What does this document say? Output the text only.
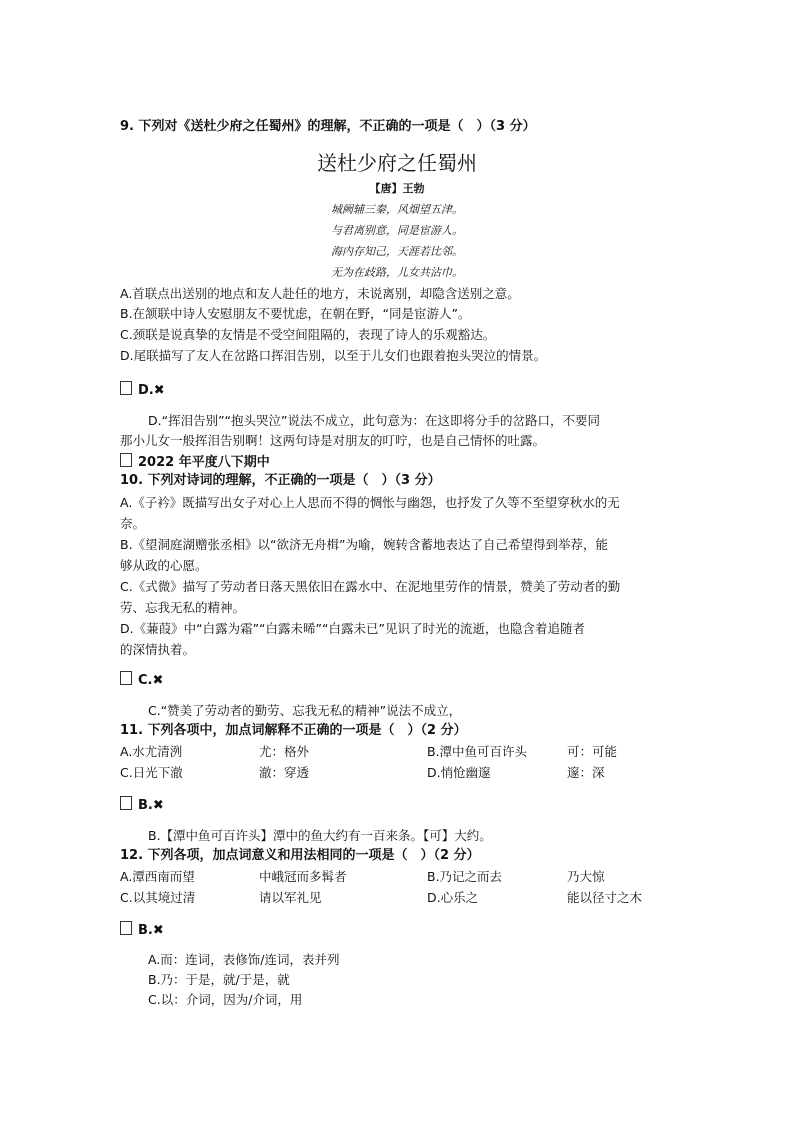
9. 下列对《送杜少府之任蜀州》的理解，不正确的一项是（　）（3 分）
送杜少府之任蜀州
【唐】王勃
城阙辅三秦，风烟望五津。
与君离别意，同是宦游人。
海内存知己，天涯若比邻。
无为在歧路，儿女共沾巾。
A.首联点出送别的地点和友人赴任的地方，未说离别，却隐含送别之意。
B.在颔联中诗人安慰朋友不要忧虑，在朝在野，“同是宦游人”。
C.颈联是说真挚的友情是不受空间阻隔的，表现了诗人的乐观豁达。
D.尾联描写了友人在岔路口挥泪告别，以至于儿女们也跟着抱头哭泣的情景。
D.✖
D.“挥泪告别”“抱头哭泣”说法不成立，此句意为：在这即将分手的岔路口，不要同
那小儿女一般挥泪告别啊！这两句诗是对朋友的叮咛，也是自己情怀的吐露。
2022 年平度八下期中
10. 下列对诗词的理解，不正确的一项是（　）（3 分）
A.《子衿》既描写出女子对心上人思而不得的惆怅与幽怨，也抒发了久等不至望穿秋水的无
奈。
B.《望洞庭湖赠张丞相》以“欲济无舟楫”为喻，婉转含蓄地表达了自己希望得到举荐，能
够从政的心愿。
C.《式微》描写了劳动者日落天黑依旧在露水中、在泥地里劳作的情景，赞美了劳动者的勤
劳、忘我无私的精神。
D.《蒹葭》中“白露为霜”“白露未晞”“白露未已”见识了时光的流逝，也隐含着追随者
的深情执着。
C.✖
C.“赞美了劳动者的勤劳、忘我无私的精神”说法不成立，
11. 下列各项中，加点词解释不正确的一项是（　）（2 分）
A.水尤清洌	尤：格外	B.潭中鱼可百许头	可：可能
C.日光下澈	澈：穿透	D.悄怆幽邃	邃：深
B.✖
B.【潭中鱼可百许头】潭中的鱼大约有一百来条。【可】大约。
12. 下列各项，加点词意义和用法相同的一项是（　）（2 分）
A.潭西南而望	中峨冠而多髯者	B.乃记之而去	乃大惊
C.以其境过清	请以军礼见	D.心乐之	能以径寸之木
B.✖
A.而：连词，表修饰/连词，表并列
B.乃：于是，就/于是，就
C.以：介词，因为/介词，用
